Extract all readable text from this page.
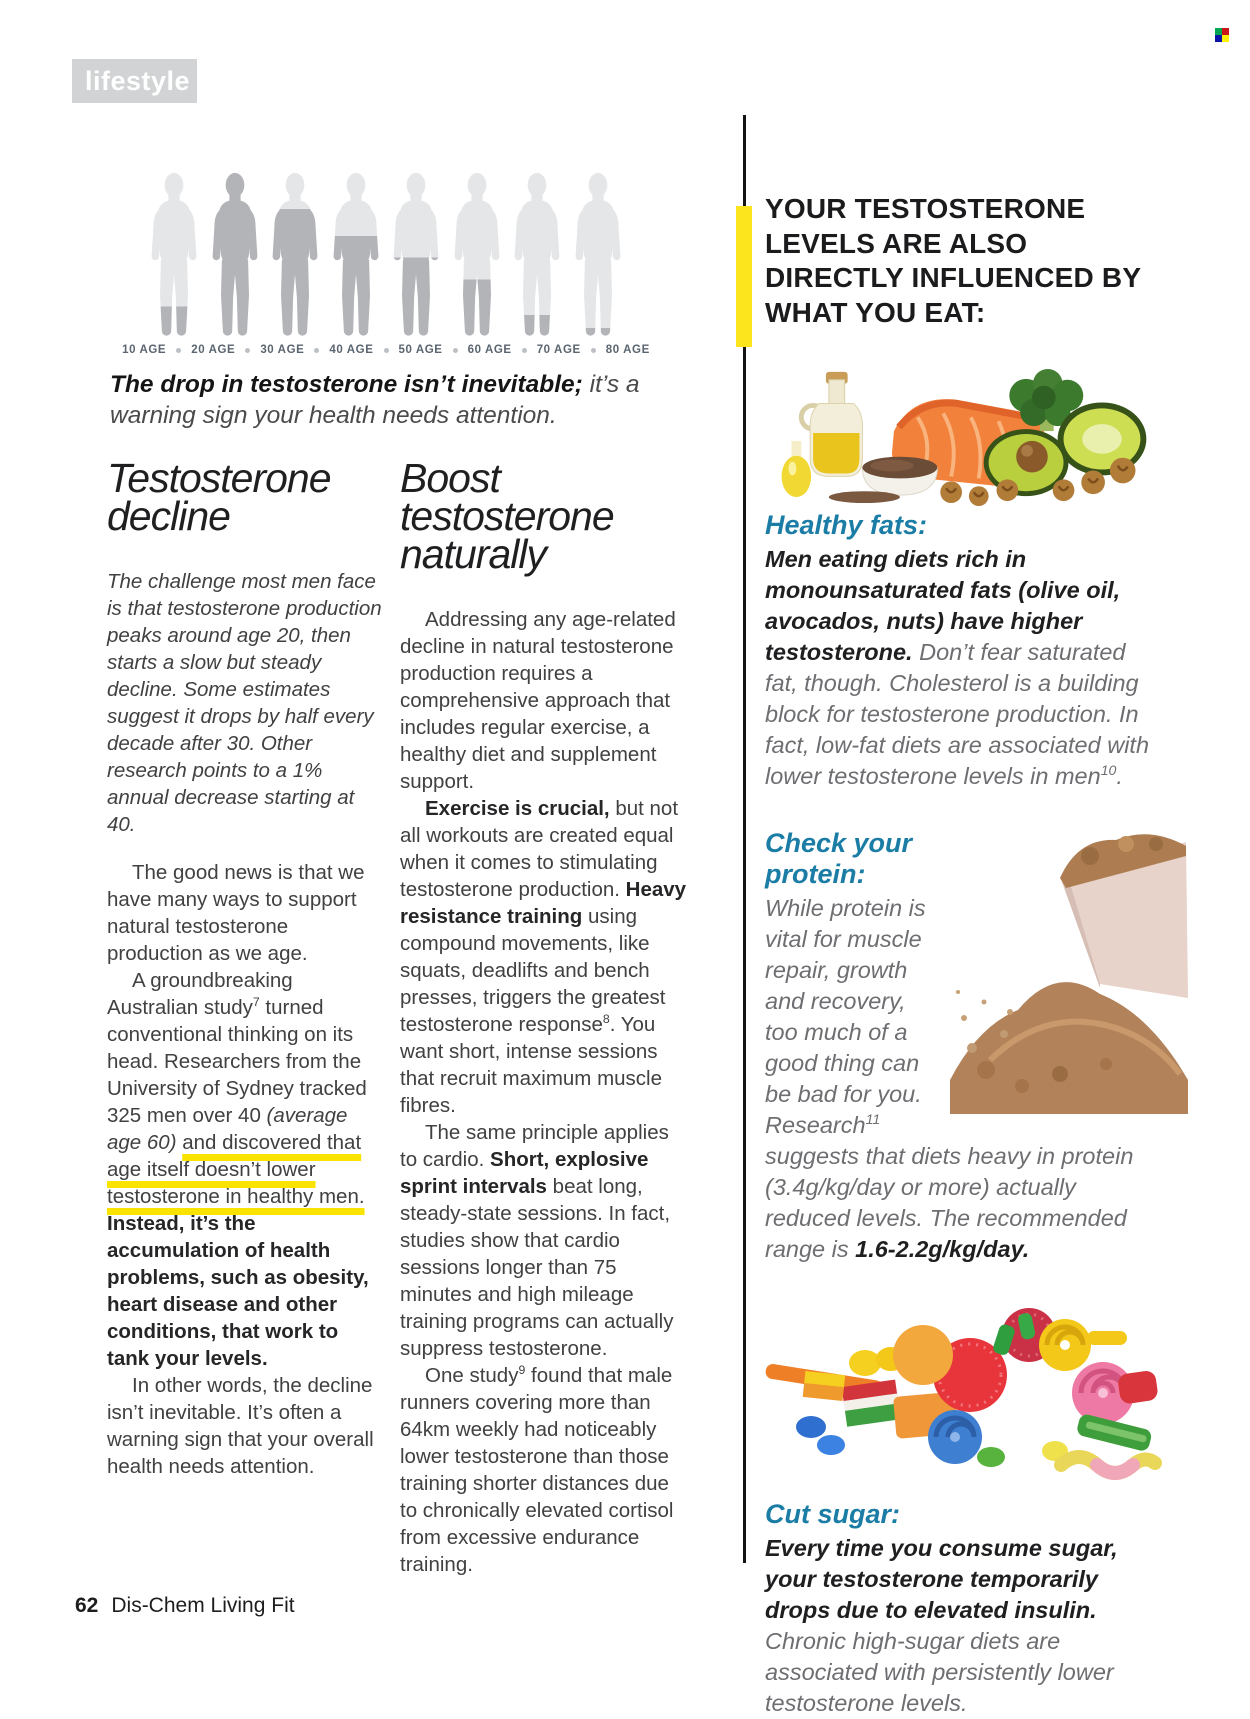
lifestyle
10 AGE 20 AGE 30 AGE 40 AGE 50 AGE 60 AGE 70 AGE 80 AGE
The drop in testosterone isn’t inevitable; it’s a warning sign your health needs attention.
Testosterone decline

The challenge most men face is that testosterone production peaks around age 20, then starts a slow but steady decline. Some estimates suggest it drops by half every decade after 30. Other research points to a 1% annual decrease starting at 40.

The good news is that we have many ways to support natural testosterone production as we age.

A groundbreaking Australian study$^7$ turned conventional thinking on its head. Researchers from the University of Sydney tracked 325 men over 40 (average age 60) and discovered that age itself doesn’t lower testosterone in healthy men. Instead, it’s the accumulation of health problems, such as obesity, heart disease and other conditions, that work to tank your levels.

In other words, the decline isn’t inevitable. It’s often a warning sign that your overall health needs attention.

Boost testosterone naturally

Addressing any age-related decline in natural testosterone production requires a comprehensive approach that includes regular exercise, a healthy diet and supplement support.

Exercise is crucial, but not all workouts are created equal when it comes to stimulating testosterone production. Heavy resistance training using compound movements, like squats, deadlifts and bench presses, triggers the greatest testosterone response$^8$. You want short, intense sessions that recruit maximum muscle fibres.

The same principle applies to cardio. Short, explosive sprint intervals beat long, steady-state sessions. In fact, studies show that cardio sessions longer than 75 minutes and high mileage training programs can actually suppress testosterone.

One study$^9$ found that male runners covering more than 64km weekly had noticeably lower testosterone than those training shorter distances due to chronically elevated cortisol from excessive endurance training.

YOUR TESTOSTERONE LEVELS ARE ALSO DIRECTLY INFLUENCED BY WHAT YOU EAT:
Healthy fats:

Men eating diets rich in monounsaturated fats (olive oil, avocados, nuts) have higher testosterone. Don’t fear saturated fat, though. Cholesterol is a building block for testosterone production. In fact, low-fat diets are associated with lower testosterone levels in men$^{10}$.

Check your protein:

While protein is vital for muscle repair, growth and recovery, too much of a good thing can be bad for you. Research$^{11}$ suggests that diets heavy in protein (3.4g/kg/day or more) actually reduced levels. The recommended range is 1.6-2.2g/kg/day.

Cut sugar:

Every time you consume sugar, your testosterone temporarily drops due to elevated insulin. Chronic high-sugar diets are associated with persistently lower testosterone levels.

62 Dis-Chem Living Fit
